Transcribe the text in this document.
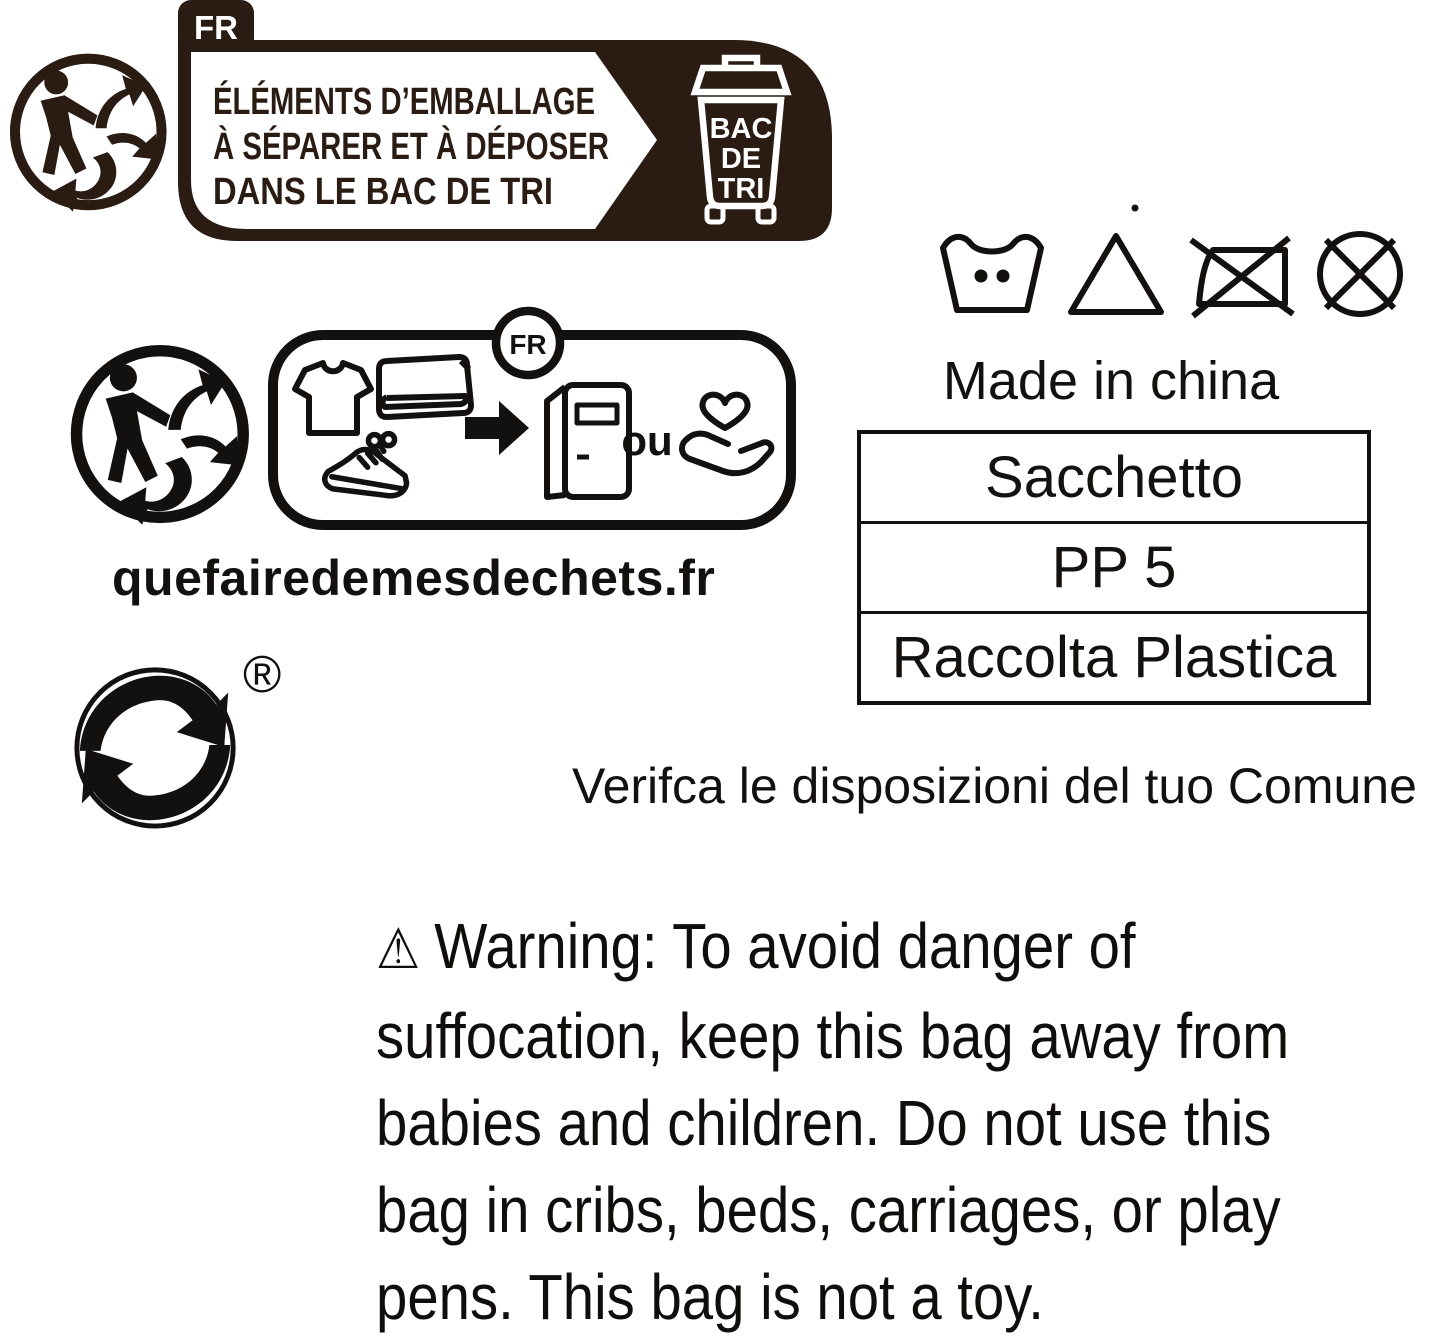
FR
ÉLÉMENTS D’EMBALLAGE
À SÉPARER ET À DÉPOSER
DANS LE BAC DE TRI
BAC
DE
TRI
Made in china
Sacchetto
PP 5
Raccolta Plastica
ou
FR
quefairedemesdechets.fr
®
Verifca le disposizioni del tuo Comune
⚠ Warning: To avoid danger of
suffocation, keep this bag away from
babies and children. Do not use this
bag in cribs, beds, carriages, or play
pens. This bag is not a toy.
